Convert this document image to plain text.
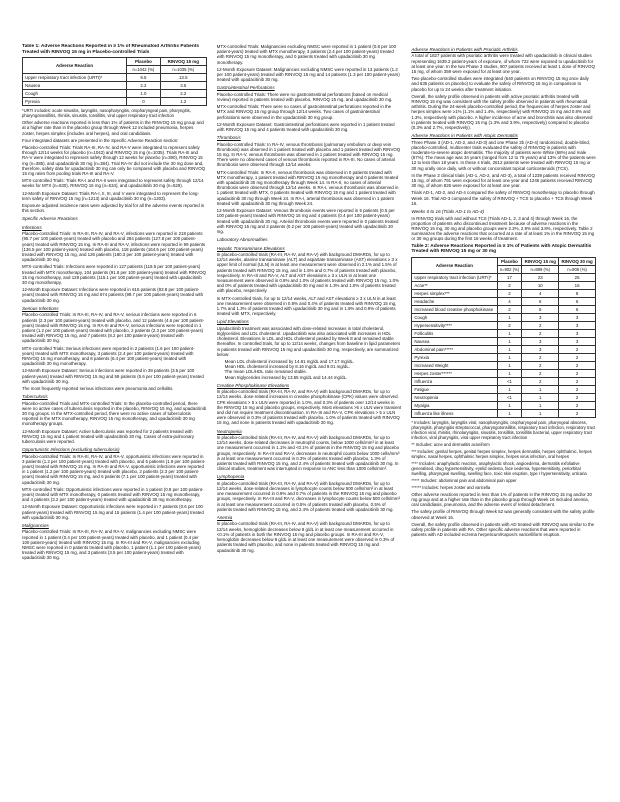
Table 1: Adverse Reactions Reported in ≥ 1% of Rheumatoid Arthritis Patients Treated with RINVOQ 15 mg in Placebo-controlled Trials

Adverse Reaction	Placebo	RINVOQ 15 mg
	n=1042 (%)	n=1035 (%)
Upper respiratory tract infection (URTI)*	9.5	13.5
Nausea	2.2	3.5
Cough	1.0	2.2
Pyrexia	0	1.2

*URTI includes: acute sinusitis, laryngitis, nasopharyngitis, oropharyngeal pain, pharyngitis, pharyngotonsillitis, rhinitis, sinusitis, tonsillitis, viral upper respiratory tract infection

Other adverse reactions reported in less than 1% of patients in the RINVOQ 15 mg group and at a higher rate than in the placebo group through Week 12 included pneumonia, herpes zoster, herpes simplex (includes oral herpes), and oral candidiasis.

Four integrated datasets are presented in the Specific Adverse Reaction section:

Placebo-controlled Trials: Trials RA-III, RA-IV, and RA-V were integrated to represent safety through 12/14 weeks for placebo (n=1042) and RINVOQ 15 mg (n=1035). Trials RA-III and RA-V were integrated to represent safety through 12 weeks for placebo (n=390), RINVOQ 15 mg (n=385), and upadacitinib 30 mg (n=384). Trial RA-IV did not include the 30 mg dose and, therefore, safety data for upadacitinib 30 mg can only be compared with placebo and RINVOQ 15 mg rates from pooling trials RA-III and RA-V.

MTX-controlled Trials: Trials RA-I and RA-II were integrated to represent safety through 12/14 weeks for MTX (n=530), RINVOQ 15 mg (n=534), and upadacitinib 30 mg (n=529).

12-Month Exposure Dataset: Trials RA-I, II, III, and V were integrated to represent the long-term safety of RINVOQ 15 mg (n=1213) and upadacitinib 30 mg (n=1203).

Exposure adjusted incidence rates were adjusted by trial for all the adverse events reported in this section.

Specific Adverse Reactions

Infections

Placebo-controlled Trials: In RA-III, RA-IV, and RA-V, infections were reported in 218 patients (95.7 per 100 patient-years) treated with placebo and 284 patients (127.8 per 100 patient-years) treated with RINVOQ 15 mg. In RA-III and RA-V, infections were reported in 99 patients (136.5 per 100 patient-years) treated with placebo, 118 patients (164.5 per 100 patient-years) treated with RINVOQ 15 mg, and 126 patients (180.3 per 100 patient-years) treated with upadacitinib 30 mg.

MTX-controlled Trials: Infections were reported in 127 patients (119.5 per 100 patient-years) treated with MTX monotherapy, 104 patients (91.8 per 100 patient-years) treated with RINVOQ 15 mg monotherapy, and 128 patients (115.1 per 100 patient-years) treated with upadacitinib 30 mg monotherapy.

12-Month Exposure Dataset: Infections were reported in 615 patients (83.8 per 100 patient-years) treated with RINVOQ 15 mg and 674 patients (99.7 per 100 patient-years) treated with upadacitinib 30 mg.

Serious Infections

Placebo-controlled Trials: In RA-III, RA-IV, and RA-V, serious infections were reported in 6 patients (2.3 per 100 patient-years) treated with placebo, and 12 patients (4.6 per 100 patient-years) treated with RINVOQ 15 mg. In RA-III and RA-V, serious infections were reported in 1 patient (1.2 per 100 patient-years) treated with placebo, 2 patients (2.3 per 100 patient-years) treated with RINVOQ 15 mg, and 7 patients (8.2 per 100 patient-years) treated with upadacitinib 30 mg.

MTX-controlled Trials: Serious infections were reported in 2 patients (1.6 per 100 patient-years) treated with MTX monotherapy, 3 patients (2.4 per 100 patient-years) treated with RINVOQ 15 mg monotherapy, and 8 patients (6.4 per 100 patient-years) treated with upadacitinib 30 mg monotherapy.

12-Month Exposure Dataset: Serious infections were reported in 38 patients (3.5 per 100 patient-years) treated with RINVOQ 15 mg and 59 patients (5.6 per 100 patient-years) treated with upadacitinib 30 mg.

The most frequently reported serious infections were pneumonia and cellulitis.

Tuberculosis

Placebo-controlled Trials and MTX-controlled Trials: In the placebo-controlled period, there were no active cases of tuberculosis reported in the placebo, RINVOQ 15 mg, and upadacitinib 30 mg groups. In the MTX-controlled period, there were no active cases of tuberculosis reported in the MTX monotherapy, RINVOQ 15 mg monotherapy, and upadacitinib 30 mg monotherapy groups.

12-Month Exposure Dataset: Active tuberculosis was reported for 2 patients treated with RINVOQ 15 mg and 1 patient treated with upadacitinib 30 mg. Cases of extra-pulmonary tuberculosis were reported.

Opportunistic Infections (excluding tuberculosis)

Placebo-controlled Trials: In RA-III, RA-IV, and RA-V, opportunistic infections were reported in 3 patients (1.2 per 100 patient-years) treated with placebo, and 5 patients (1.9 per 100 patient-years) treated with RINVOQ 15 mg. In RA-III and RA-V, opportunistic infections were reported in 1 patient (1.2 per 100 patient-years) treated with placebo, 2 patients (2.3 per 100 patient-years) treated with RINVOQ 15 mg, and 6 patients (7.1 per 100 patient-years) treated with upadacitinib 30 mg.

MTX-controlled Trials: Opportunistic infections were reported in 1 patient (0.8 per 100 patient-years) treated with MTX monotherapy, 0 patients treated with RINVOQ 15 mg monotherapy, and 4 patients (3.2 per 100 patient-years) treated with upadacitinib 30 mg monotherapy.

12-Month Exposure Dataset: Opportunistic infections were reported in 7 patients (0.6 per 100 patient-years) treated with RINVOQ 15 mg and 15 patients (1.4 per 100 patient-years) treated with upadacitinib 30 mg.

Malignancies

Placebo-controlled Trials: In RA-III, RA-IV, and RA-V, malignancies excluding NMSC were reported in 1 patient (0.4 per 100 patient-years) treated with placebo, and 1 patient (0.4 per 100 patient-years) treated with RINVOQ 15 mg. In RA-III and RA-V, malignancies excluding NMSC were reported in 0 patients treated with placebo, 1 patient (1.1 per 100 patient-years) treated with RINVOQ 15 mg, and 3 patients (3.5 per 100 patient-years) treated with upadacitinib 30 mg.

MTX-controlled Trials: Malignancies excluding NMSC were reported in 1 patient (0.8 per 100 patient-years) treated with MTX monotherapy, 3 patients (2.4 per 100 patient-years) treated with RINVOQ 15 mg monotherapy, and 0 patients treated with upadacitinib 30 mg monotherapy.

12-Month Exposure Dataset: Malignancies excluding NMSC were reported in 13 patients (1.2 per 100 patient-years) treated with RINVOQ 15 mg and 14 patients (1.3 per 100 patient-years) treated with upadacitinib 30 mg.

Gastrointestinal Perforations

Placebo-controlled Trials: There were no gastrointestinal perforations (based on medical review) reported in patients treated with placebo, RINVOQ 15 mg, and upadacitinib 30 mg.

MTX-controlled Trials: There were no cases of gastrointestinal perforations reported in the MTX and RINVOQ 15 mg group through 12/14 weeks. Two cases of gastrointestinal perforations were observed in the upadacitinib 30 mg group.

12-Month Exposure Dataset: Gastrointestinal perforations were reported in 1 patient treated with RINVOQ 15 mg and 4 patients treated with upadacitinib 30 mg.

Thrombosis

Placebo-controlled Trials: In RA-IV, venous thrombosis (pulmonary embolism or deep vein thrombosis) was observed in 1 patient treated with placebo and 1 patient treated with RINVOQ 15 mg. In RA-V, venous thrombosis was observed in 1 patient treated with RINVOQ 15 mg. There were no observed cases of venous thrombosis reported in RA-III. No cases of arterial thrombosis were observed through 12/14 weeks.

MTX-controlled Trials: In RA-II, venous thrombosis was observed in 0 patients treated with MTX monotherapy, 1 patient treated with RINVOQ 15 mg monotherapy and 0 patients treated with upadacitinib 30 mg monotherapy through Week 14. In RA-II, no cases of arterial thrombosis were observed through 12/14 weeks. In RA-I, venous thrombosis was observed in 1 patient treated with MTX, 0 patients treated with RINVOQ 15 mg and 1 patient treated with upadacitinib 30 mg through Week 24. In RA-I, arterial thrombosis was observed in 1 patient treated with upadacitinib 30 mg through Week 24.

12-Month Exposure Dataset: Venous thrombosis events were reported in 5 patients (0.5 per 100 patient-years) treated with RINVOQ 15 mg and 4 patients (0.4 per 100 patient-years) treated with upadacitinib 30 mg. Arterial thrombosis events were reported in 0 patients treated with RINVOQ 15 mg and 2 patients (0.2 per 100 patient-years) treated with upadacitinib 30 mg.

Laboratory Abnormalities

Hepatic Transaminase Elevations

In placebo-controlled trials (RA-III, RA-IV, and RA-V) with background DMARDs, for up to 12/14 weeks, alanine transaminase (ALT) and aspartate transaminase (AST) elevations ≥ 3 x upper limit of normal (ULN) in at least one measurement were observed in 2.1% and 1.5% of patients treated with RINVOQ 15 mg, and in 1.5% and 0.7% of patients treated with placebo, respectively. In RA-III and RA-V, ALT and AST elevations ≥ 3 x ULN in at least one measurement were observed in 0.8% and 1.0% of patients treated with RINVOQ 15 mg, 1.0% and 0% of patients treated with upadacitinib 30 mg and in 1.3% and 1.0% of patients treated with placebo, respectively.

In MTX-controlled trials, for up to 12/14 weeks, ALT and AST elevations ≥ 3 x ULN in at least one measurement were observed in 0.8% and 0.4% of patients treated with RINVOQ 15 mg, 1.7% and 1.3% of patients treated with upadacitinib 30 mg and in 1.9% and 0.9% of patients treated with MTX, respectively.

Lipid Elevations

Upadacitinib treatment was associated with dose-related increases in total cholesterol, triglycerides and LDL cholesterol. Upadacitinib was also associated with increases in HDL cholesterol. Elevations in LDL and HDL cholesterol peaked by Week 8 and remained stable thereafter. In controlled trials, for up to 12/14 weeks, changes from baseline in lipid parameters in patients treated with RINVOQ 15 mg and upadacitinib 30 mg, respectively, are summarized below:

• Mean LDL cholesterol increased by 14.81 mg/dL and 17.17 mg/dL.
• Mean HDL cholesterol increased by 8.16 mg/dL and 9.01 mg/dL.
• The mean LDL/HDL ratio remained stable.
• Mean triglycerides increased by 13.55 mg/dL and 14.44 mg/dL.

Creatine Phosphokinase Elevations

In placebo-controlled trials (RA-III, RA-IV, and RA-V) with background DMARDs, for up to 12/14 weeks, dose-related increases in creatine phosphokinase (CPK) values were observed. CPK elevations > 5 x ULN were reported in 1.0%, and 0.3% of patients over 12/14 weeks in the RINVOQ 15 mg and placebo groups, respectively. Most elevations >5 x ULN were transient and did not require treatment discontinuation. In RA-III and RA-V, CPK elevations > 5 x ULN were observed in 0.3% of patients treated with placebo, 1.0% of patients treated with RINVOQ 15 mg, and none in patients treated with upadacitinib 30 mg.

Neutropenia

In placebo-controlled trials (RA-III, RA-IV, and RA-V) with background DMARDs, for up to 12/14 weeks, dose-related decreases in neutrophil counts, below 1000 cells/mm³ in at least one measurement occurred in 1.1% and <0.1% of patients in the RINVOQ 15 mg and placebo groups, respectively. In RA-III and RA-V, decreases in neutrophil counts below 1000 cells/mm³ in at least one measurement occurred in 0.3% of patients treated with placebo, 1.3% of patients treated with RINVOQ 15 mg, and 2.4% of patients treated with upadacitinib 30 mg. In clinical studies, treatment was interrupted in response to ANC less than 1000 cells/mm³.

Lymphopenia

In placebo-controlled trials (RA-III, RA-IV, and RA-V) with background DMARDs, for up to 12/14 weeks, dose-related decreases in lymphocyte counts below 500 cells/mm³ in at least one measurement occurred in 0.9% and 0.7% of patients in the RINVOQ 15 mg and placebo groups, respectively. In RA-III and RA-V, decreases in lymphocyte counts below 500 cells/mm³ in at least one measurement occurred in 0.5% of patients treated with placebo, 0.5% of patients treated with RINVOQ 15 mg, and 2.4% of patients treated with upadacitinib 30 mg.

Anemia

In placebo-controlled trials (RA-III, RA-IV, and RA-V) with background DMARDs, for up to 12/14 weeks, hemoglobin decreases below 8 g/dL in at least one measurement occurred in <0.1% of patients in both the RINVOQ 15 mg and placebo groups. In RA-III and RA-V, hemoglobin decreases below 8 g/dL in at least one measurement were observed in 0.3% of patients treated with placebo, and none in patients treated with RINVOQ 15 mg and upadacitinib 30 mg.

Adverse Reactions in Patients with Psoriatic Arthritis

A total of 1827 patients with psoriatic arthritis were treated with upadacitinib in clinical studies representing 1639.2 patient-years of exposure, of whom 722 were exposed to upadacitinib for at least one year. In the two Phase 3 studies, 907 patients received at least 1 dose of RINVOQ 15 mg, of whom 359 were exposed for at least one year.

Two placebo-controlled studies were integrated (640 patients on RINVOQ 15 mg once daily and 635 patients on placebo) to evaluate the safety of RINVOQ 15 mg in comparison to placebo for up to 24 weeks after treatment initiation.

Overall, the safety profile observed in patients with active psoriatic arthritis treated with RINVOQ 15 mg was consistent with the safety profile observed in patients with rheumatoid arthritis. During the 24-week placebo-controlled period, the frequencies of herpes zoster and herpes simplex were ≥1% (1.1% and 1.4%, respectively) with RINVOQ 15 mg and 0.8% and 1.3%, respectively with placebo. A higher incidence of acne and bronchitis was also observed in patients treated with RINVOQ 15 mg (1.3% and 3.9%, respectively) compared to placebo (0.3% and 2.7%, respectively).

Adverse Reactions in Patients with Atopic Dermatitis

Three Phase 3 (AD-1, AD-2, and AD-3) and one Phase 2b (AD-4) randomized, double-blind, placebo-controlled, multicenter trials evaluated the safety of RINVOQ in patients with moderate-to-severe atopic dermatitis. The majority of patients were White (68%) and male (57%). The mean age was 34 years (ranged from 12 to 75 years) and 13% of the patients were 12 to less than 18 years. In these 4 trials, 2612 patients were treated with RINVOQ 15 mg or 30 mg orally once daily, with or without concomitant topical corticosteroids (TCS).

In the Phase 3 clinical trials (AD-1, AD-2, and AD-3), a total of 1239 patients received RINVOQ 15 mg, of whom 791 were exposed for at least one year and 1246 patients received RINVOQ 30 mg, of whom 826 were exposed for at least one year.

Trials AD-1, AD-2, and AD-4 compared the safety of RINVOQ monotherapy to placebo through Week 16. Trial AD-3 compared the safety of RINVOQ + TCS to placebo + TCS through Week 16.

Weeks 0 to 16 (Trials AD-1 to AD-4)

In RINVOQ trials with and without TCS (Trials AD-1, 2, 3 and 4) through Week 16, the proportion of patients who discontinued treatment because of adverse reactions in the RINVOQ 15 mg, 30 mg and placebo groups were 2.3%, 2.9% and 3.8%, respectively. Table 2 summarizes the adverse reactions that occurred at a rate of at least 1% in the RINVOQ 15 mg or 30 mg groups during the first 16 weeks of treatment.

Table 2: Adverse Reactions Reported in ≥ 1% of Patients with Atopic Dermatitis Treated with RINVOQ 15 mg or 30 mg

Adverse Reaction	Placebo	RINVOQ 15 mg	RINVOQ 30 mg
	n=902 (%)	n=899 (%)	n=906 (%)
Upper respiratory tract infection (URTI)*	17	23	25
Acne**	2	10	16
Herpes simplex***	2	4	8
Headache	4	6	6
Increased blood creatine phosphokinase	2	5	6
Cough	1	3	3
Hypersensitivity****	2	2	3
Folliculitis	1	2	3
Nausea	1	3	3
Abdominal pain*****	1	3	2
Pyrexia	1	2	2
Increased Weight	1	2	2
Herpes zoster******	1	2	2
Influenza	<1	2	2
Fatigue	1	1	2
Neutropenia	<1	1	2
Myalgia	1	1	2
Influenza like illness	1	1	2

* Includes: laryngitis, laryngitis viral, nasopharyngitis, oropharyngeal pain, pharyngeal abscess, pharyngitis, pharyngitis streptococcal, pharyngotonsillitis, respiratory tract infection, respiratory tract infection viral, rhinitis, rhinolaryngitis, sinusitis, tonsillitis, tonsillitis bacterial, upper respiratory tract infection, viral pharyngitis, viral upper respiratory tract infection

** Includes: acne and dermatitis acneiform

*** Includes: genital herpes, genital herpes simplex, herpes dermatitis, herpes ophthalmic, herpes simplex, nasal herpes, ophthalmic herpes simplex, herpes virus infection, oral herpes

**** Includes: anaphylactic reaction, anaphylactic shock, angioedema, dermatitis exfoliative generalised, drug hypersensitivity, eyelid oedema, face oedema, hypersensitivity, periorbital swelling, pharyngeal swelling, swelling face, toxic skin eruption, type I hypersensitivity, urticaria

***** Includes: abdominal pain and abdominal pain upper

****** Includes: herpes zoster and varicella

Other adverse reactions reported in less than 1% of patients in the RINVOQ 15 mg and/or 30 mg group and at a higher rate than in the placebo group through Week 16 included anemia, oral candidiasis, pneumonia, and the adverse event of retinal detachment.

The safety profile of RINVOQ through Week 52 was generally consistent with the safety profile observed at Week 16.

Overall, the safety profile observed in patients with AD treated with RINVOQ was similar to the safety profile in patients with RA. Other specific adverse reactions that were reported in patients with AD included eczema herpeticum/Kaposi's varicelliform eruption.
